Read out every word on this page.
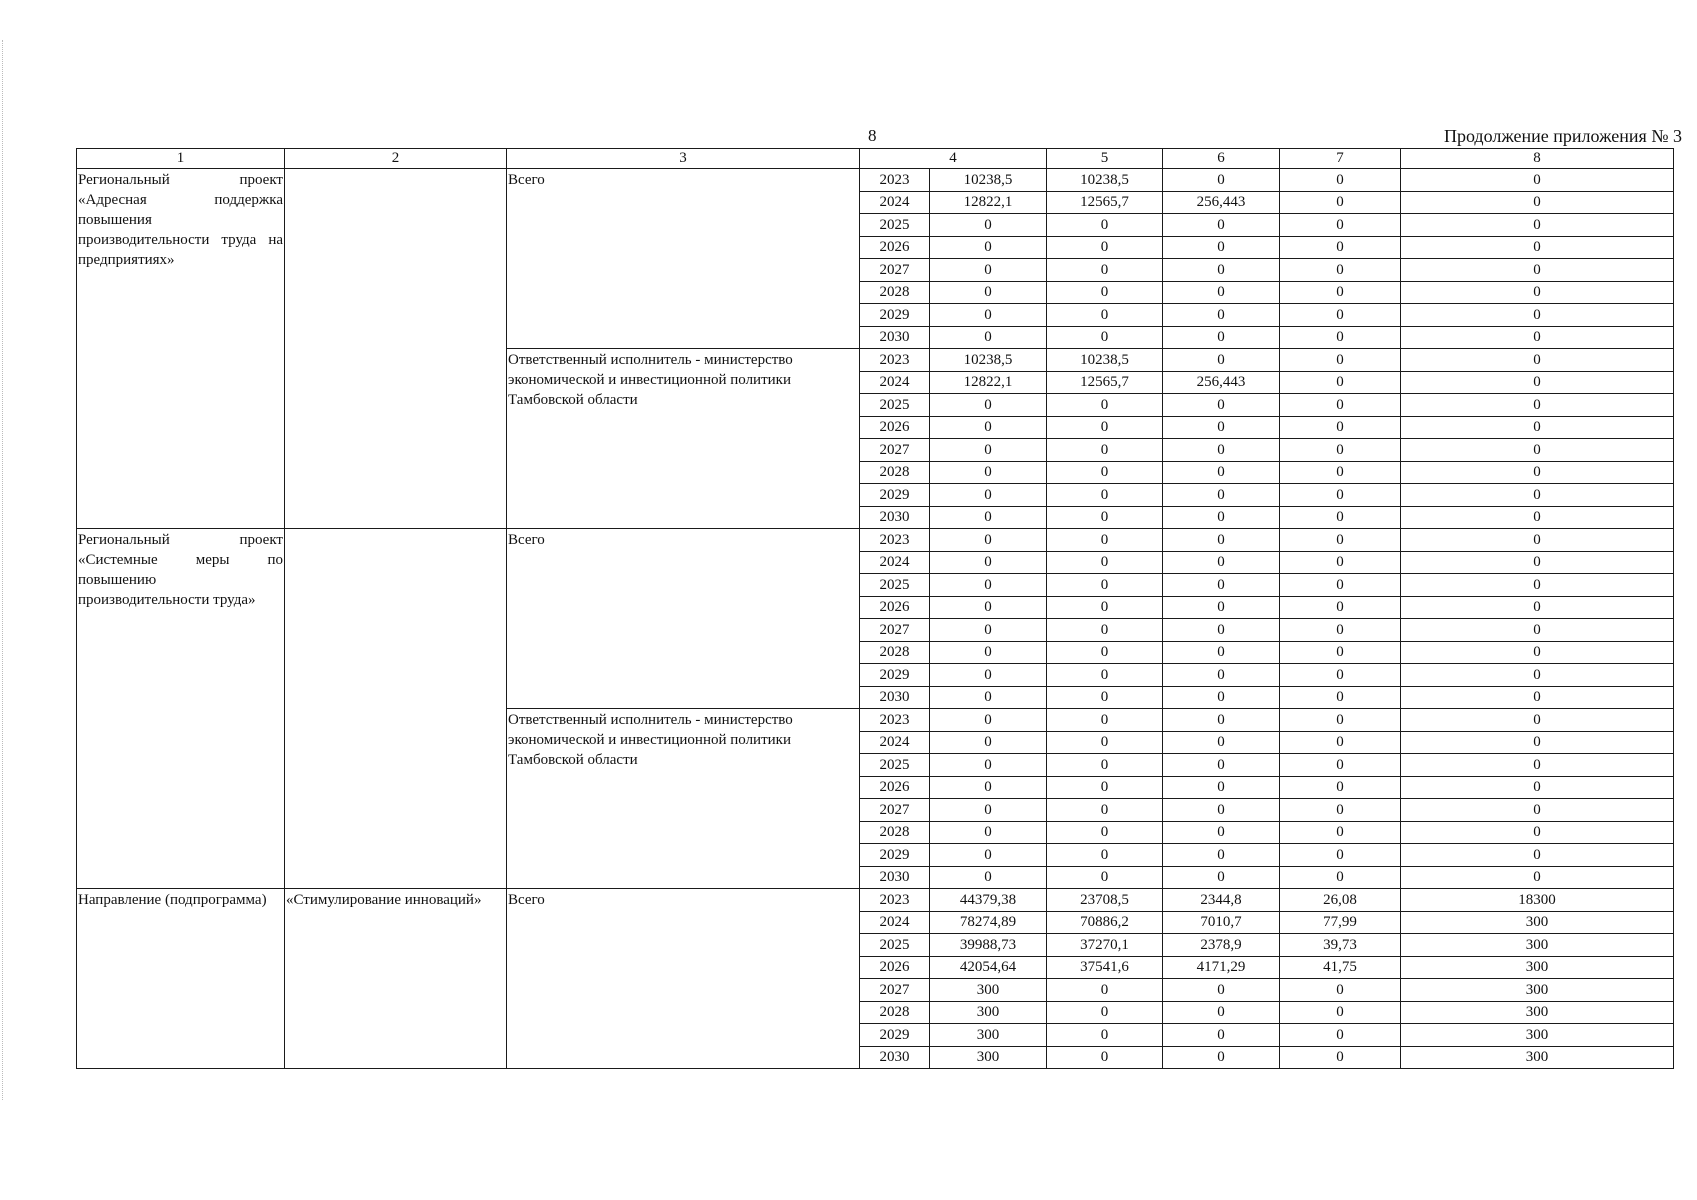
8	Продолжение приложения № 3
1	2	3	4		5	6	7	8
Региональный проект «Адресная поддержка повышения производительности труда на предприятиях»		Всего	2023	10238,5	10238,5	0	0	0
			2024	12822,1	12565,7	256,443	0	0
			2025	0	0	0	0	0
			2026	0	0	0	0	0
			2027	0	0	0	0	0
			2028	0	0	0	0	0
			2029	0	0	0	0	0
			2030	0	0	0	0	0
		Ответственный исполнитель - министерство экономической и инвестиционной политики Тамбовской области	2023	10238,5	10238,5	0	0	0
			2024	12822,1	12565,7	256,443	0	0
			2025	0	0	0	0	0
			2026	0	0	0	0	0
			2027	0	0	0	0	0
			2028	0	0	0	0	0
			2029	0	0	0	0	0
			2030	0	0	0	0	0
Региональный проект «Системные меры по повышению производительности труда»		Всего	2023	0	0	0	0	0
			2024	0	0	0	0	0
			2025	0	0	0	0	0
			2026	0	0	0	0	0
			2027	0	0	0	0	0
			2028	0	0	0	0	0
			2029	0	0	0	0	0
			2030	0	0	0	0	0
		Ответственный исполнитель - министерство экономической и инвестиционной политики Тамбовской области	2023	0	0	0	0	0
			2024	0	0	0	0	0
			2025	0	0	0	0	0
			2026	0	0	0	0	0
			2027	0	0	0	0	0
			2028	0	0	0	0	0
			2029	0	0	0	0	0
			2030	0	0	0	0	0
Направление (подпрограмма)	«Стимулирование инноваций»	Всего	2023	44379,38	23708,5	2344,8	26,08	18300
			2024	78274,89	70886,2	7010,7	77,99	300
			2025	39988,73	37270,1	2378,9	39,73	300
			2026	42054,64	37541,6	4171,29	41,75	300
			2027	300	0	0	0	300
			2028	300	0	0	0	300
			2029	300	0	0	0	300
			2030	300	0	0	0	300
